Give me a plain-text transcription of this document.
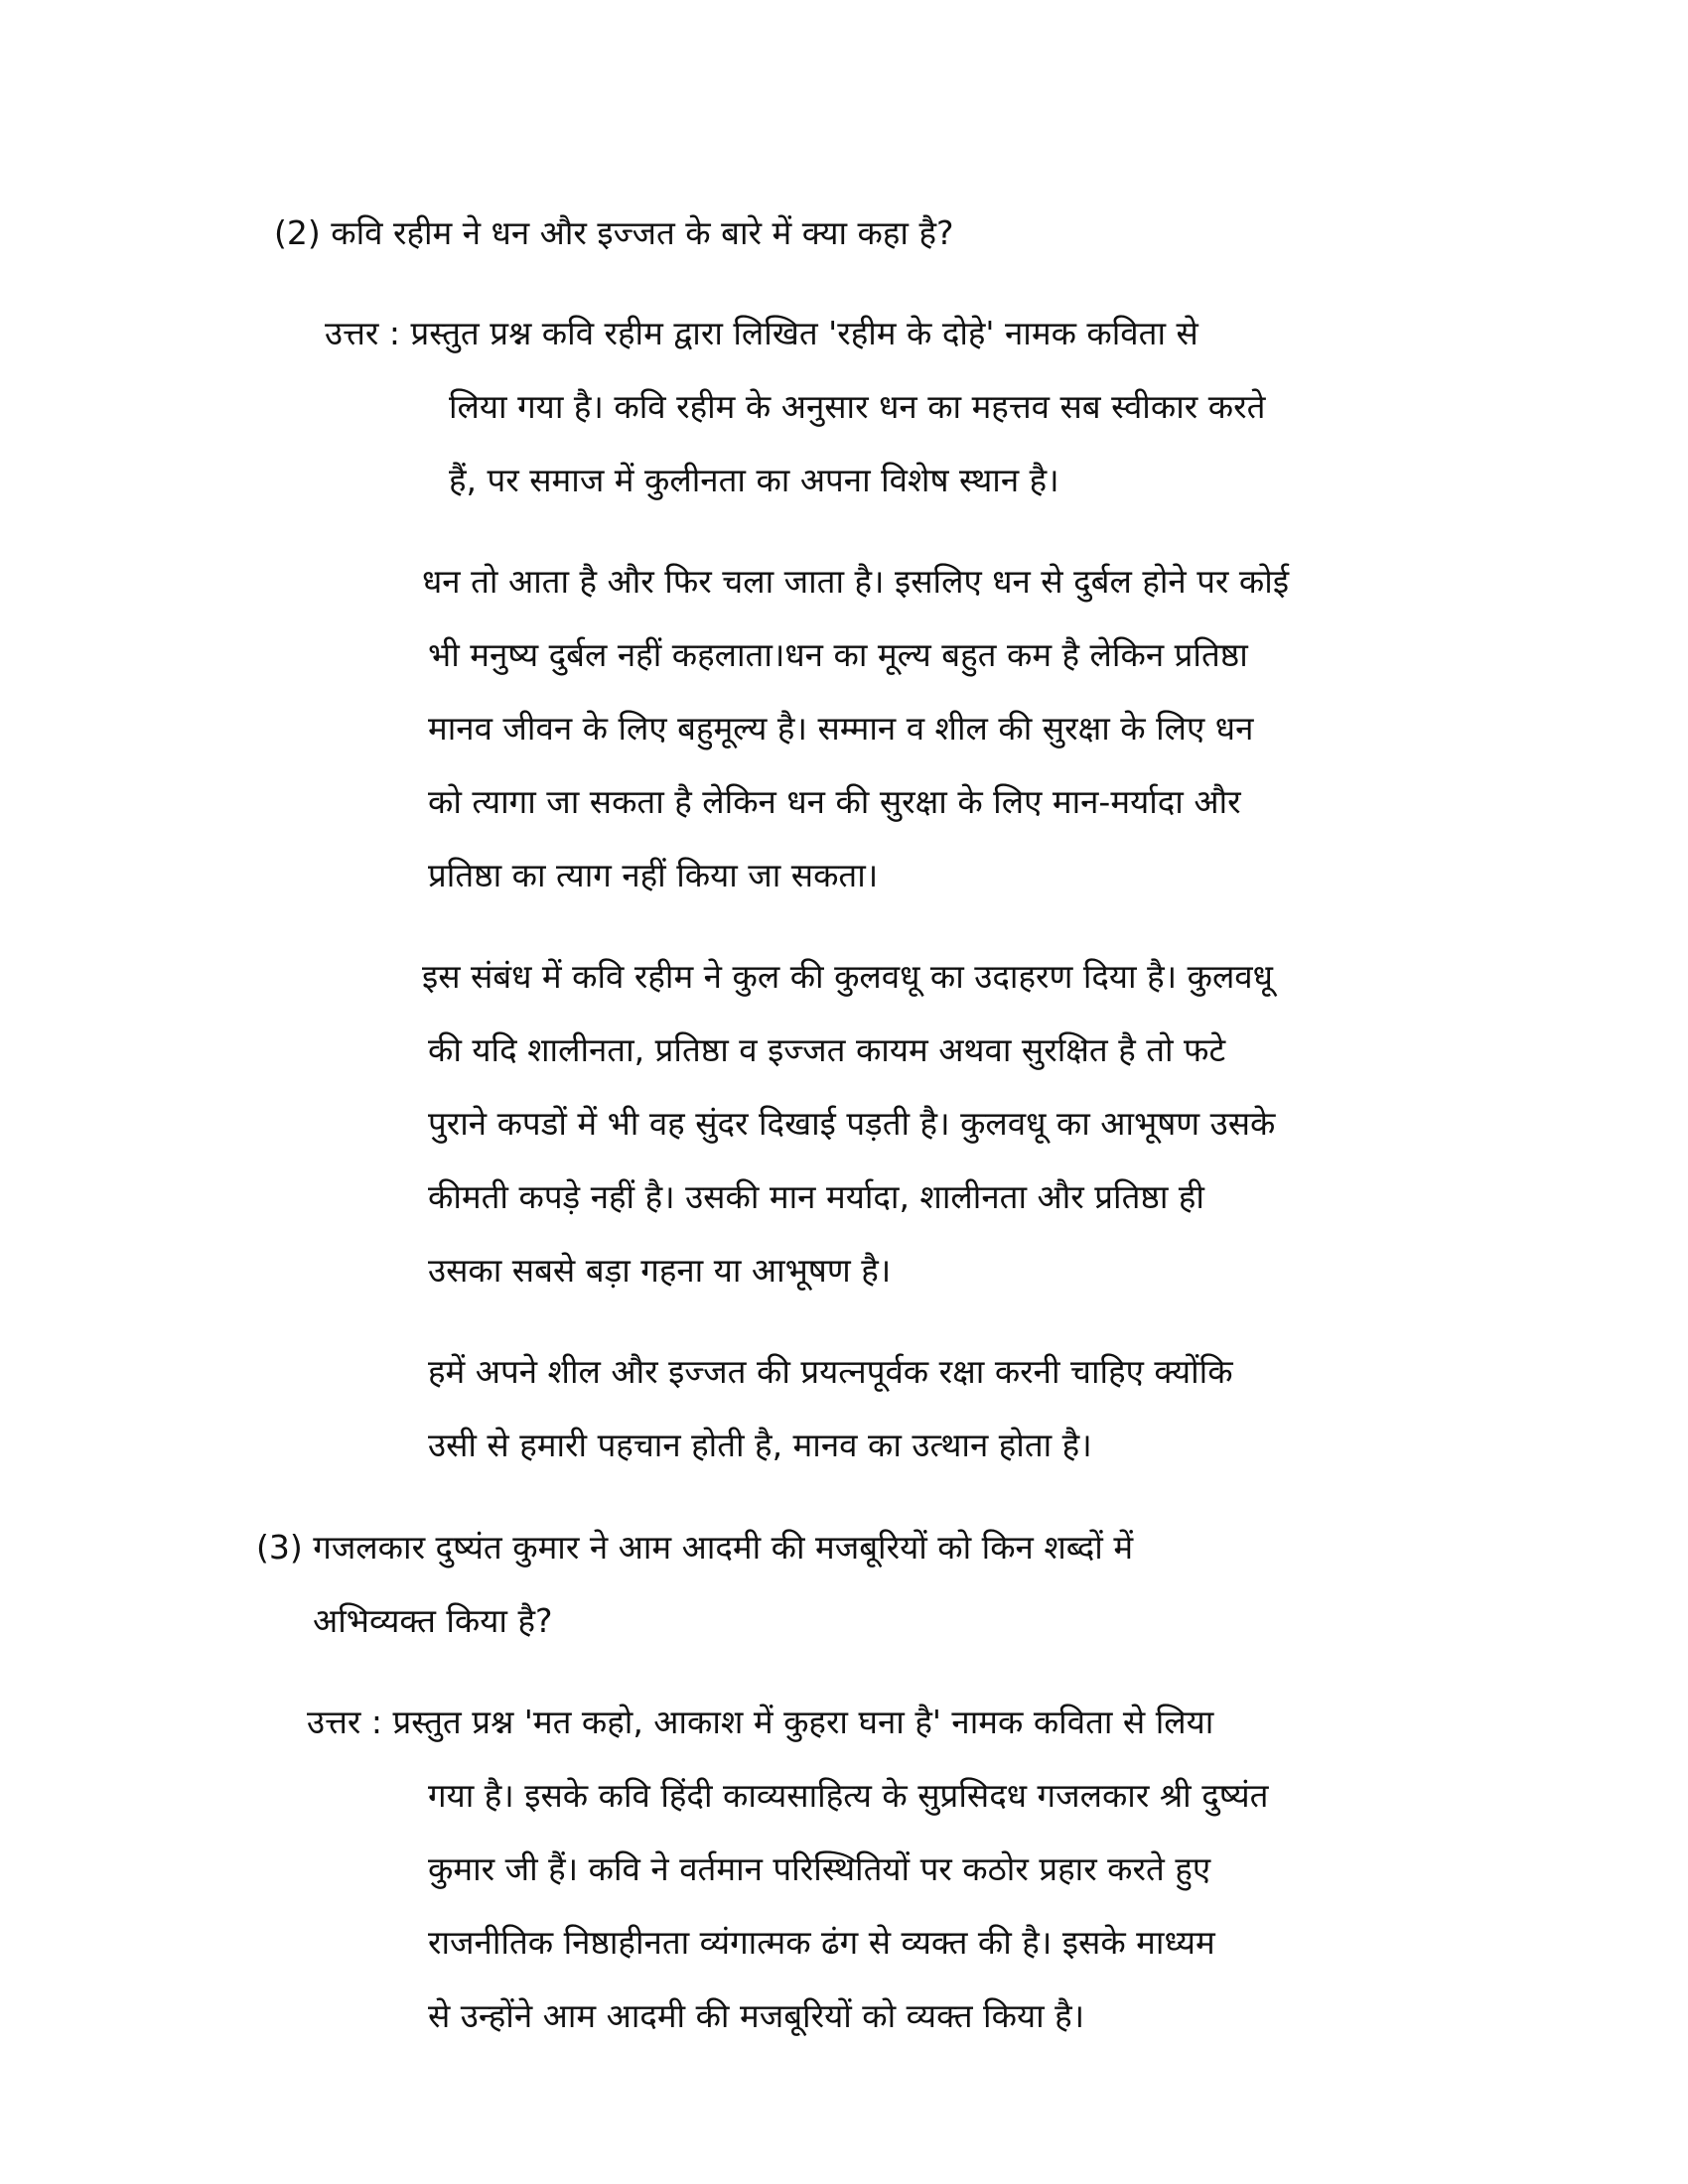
(2) कवि रहीम ने धन और इज्जत के बारे में क्या कहा है?
उत्तर : प्रस्तुत प्रश्न कवि रहीम द्वारा लिखित 'रहीम के दोहे' नामक कविता से
लिया गया है। कवि रहीम के अनुसार धन का महत्तव सब स्वीकार करते
हैं, पर समाज में कुलीनता का अपना विशेष स्थान है।
धन तो आता है और फिर चला जाता है। इसलिए धन से दुर्बल होने पर कोई
भी मनुष्य दुर्बल नहीं कहलाता।धन का मूल्य बहुत कम है लेकिन प्रतिष्ठा
मानव जीवन के लिए बहुमूल्य है। सम्मान व शील की सुरक्षा के लिए धन
को त्यागा जा सकता है लेकिन धन की सुरक्षा के लिए मान-मर्यादा और
प्रतिष्ठा का त्याग नहीं किया जा सकता।
इस संबंध में कवि रहीम ने कुल की कुलवधू का उदाहरण दिया है। कुलवधू
की यदि शालीनता, प्रतिष्ठा व इज्जत कायम अथवा सुरक्षित है तो फटे
पुराने कपडों में भी वह सुंदर दिखाई पड़ती है। कुलवधू का आभूषण उसके
कीमती कपड़े नहीं है। उसकी मान मर्यादा, शालीनता और प्रतिष्ठा ही
उसका सबसे बड़ा गहना या आभूषण है।
हमें अपने शील और इज्जत की प्रयत्नपूर्वक रक्षा करनी चाहिए क्योंकि
उसी से हमारी पहचान होती है, मानव का उत्थान होता है।
(3) गजलकार दुष्यंत कुमार ने आम आदमी की मजबूरियों को किन शब्दों में
अभिव्यक्त किया है?
उत्तर : प्रस्तुत प्रश्न 'मत कहो, आकाश में कुहरा घना है' नामक कविता से लिया
गया है। इसके कवि हिंदी काव्यसाहित्य के सुप्रसिदध गजलकार श्री दुष्यंत
कुमार जी हैं। कवि ने वर्तमान परिस्थितियों पर कठोर प्रहार करते हुए
राजनीतिक निष्ठाहीनता व्यंगात्मक ढंग से व्यक्त की है। इसके माध्यम
से उन्होंने आम आदमी की मजबूरियों को व्यक्त किया है।
